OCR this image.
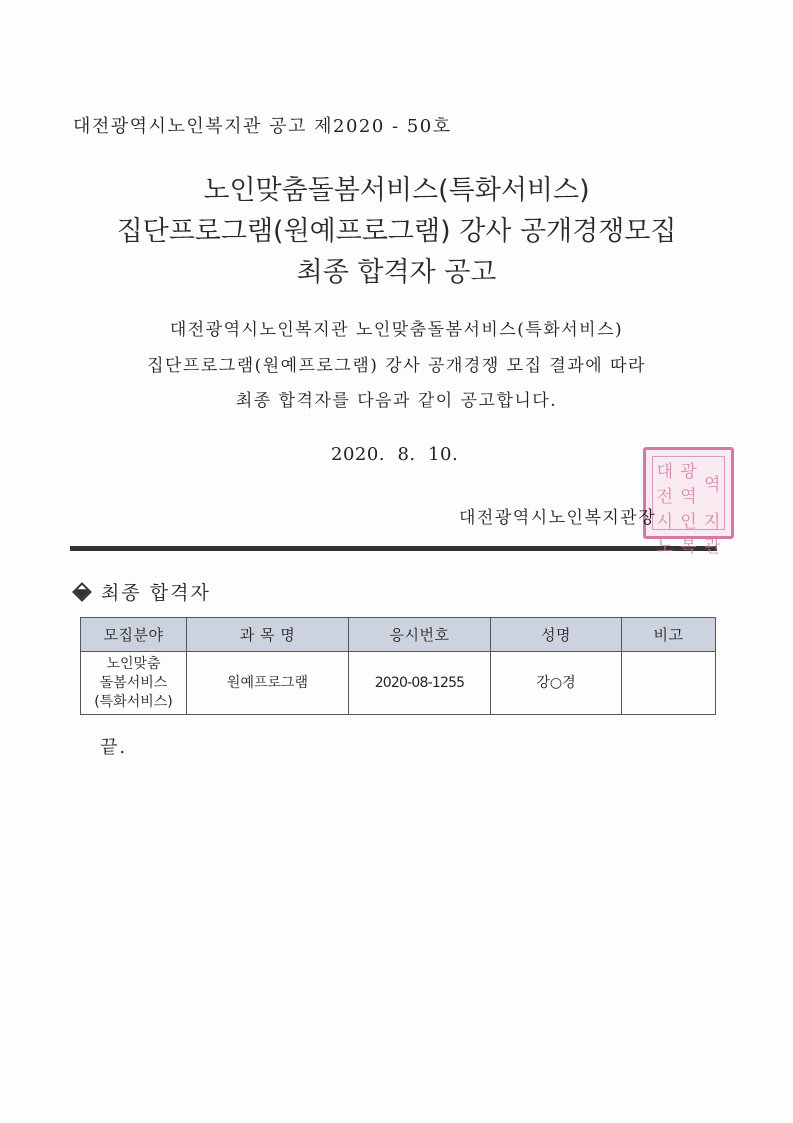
대전광역시노인복지관 공고 제2020 - 50호
노인맞춤돌봄서비스(특화서비스)
집단프로그램(원예프로그램) 강사 공개경쟁모집
최종 합격자 공고
대전광역시노인복지관 노인맞춤돌봄서비스(특화서비스)
집단프로그램(원예프로그램) 강사 공개경쟁 모집 결과에 따라
최종 합격자를 다음과 같이 공고합니다.
2020.  8.  10.
대전
광역
역
시노
인복
지관
대전광역시노인복지관장
최종 합격자
모집분야	과 목 명	응시번호	성명	비고

노인맞춤
돌봄서비스
(특화서비스)	원예프로그램	2020-08-1255	강○경	
끝.
